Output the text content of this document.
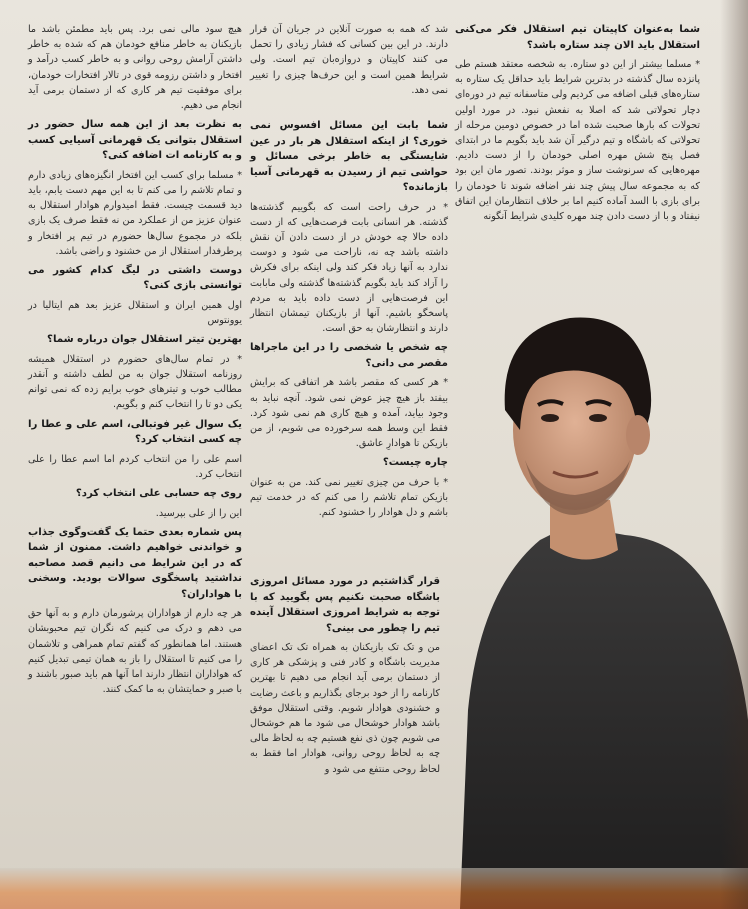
شما به‌عنوان کاپیتان تیم استقلال فکر می‌کنی استقلال باید الان چند ستاره باشد؟

* مسلما بیشتر از این دو ستاره. به شخصه معتقد هستم طی پانزده سال گذشته در بدترین شرایط باید حداقل یک ستاره به ستاره‌های قبلی اضافه می کردیم ولی متاسفانه تیم در دوره‌ای دچار تحولاتی شد که اصلا به نفعش نبود. در مورد اولین تحولات که بارها صحبت شده اما در خصوص دومین مرحله از تحولاتی که باشگاه و تیم درگیر آن شد باید بگویم ما در ابتدای فصل پنج شش مهره اصلی خودمان را از دست دادیم. مهره‌هایی که سرنوشت ساز و موثر بودند. تصور مان این بود که به مجموعه سال پیش چند نفر اضافه شوند تا خودمان را برای بازی با السد آماده کنیم اما بر خلاف انتظارمان این اتفاق نیفتاد و با از دست دادن چند مهره کلیدی شرایط آنگونه

شد که همه به صورت آنلاین در جریان آن قرار دارند. در این بین کسانی که فشار زیادی را تحمل می کنند کاپیتان و دروازه‌بان تیم است. ولی شرایط همین است و این حرف‌ها چیزی را تغییر نمی دهد.

شما بابت این مسائل افسوس نمی خوری؟ از اینکه استقلال هر بار در عین شایستگی به خاطر برخی مسائل و حواشی تیم از رسیدن به قهرمانی آسیا بازمانده؟

* در حرف راحت است که بگوییم گذشته‌ها گذشته. هر انسانی بابت فرصت‌هایی که از دست داده حالا چه خودش در از دست دادن آن نقش داشته باشد چه نه، ناراحت می شود و دوست ندارد به آنها زیاد فکر کند ولی اینکه برای فکرش را آزاد کند باید بگویم گذشته‌ها گذشته ولی مابابت این فرصت‌هایی از دست داده باید به مردم پاسخگو باشیم. آنها از بازیکنان تیمشان انتظار دارند و انتظارشان به حق است.

چه شخص یا شخصی را در این ماجراها مقصر می دانی؟

* هر کسی که مقصر باشد هر اتفاقی که برایش بیفتد باز هیچ چیز عوض نمی شود. آنچه نباید به وجود بیاید، آمده و هیچ کاری هم نمی شود کرد. فقط این وسط همه سرخورده می شویم، از من بازیکن تا هوادارِ عاشق.

چاره چیست؟

* با حرف من چیزی تغییر نمی کند. من به عنوان بازیکن تمام تلاشم را می کنم که در خدمت تیم باشم و دل هوادار را خشنود کنم.

قرار گذاشتیم در مورد مسائل امروزی باشگاه صحبت نکنیم پس بگویید که با توجه به شرایط امروزی استقلال آینده تیم را چطور می بینی؟

من و تک تک بازیکنان به همراه تک تک اعضای مدیریت باشگاه و کادر فنی و پزشکی هر کاری از دستمان برمی آید انجام می دهیم تا بهترین کارنامه را از خود برجای بگذاریم و باعث رضایت و خشنودی هوادار شویم. وقتی استقلال موفق باشد هوادار خوشحال می شود ما هم خوشحال می شویم چون ذی نفع هستیم چه به لحاظ مالی چه به لحاظ روحی روانی، هوادار اما فقط به لحاظ روحی منتفع می شود و

هیچ سود مالی نمی برد. پس باید مطمئن باشد ما بازیکنان به خاطر منافع خودمان هم که شده به خاطر داشتن آرامش روحی روانی و به خاطر کسب درآمد و افتخار و داشتن رزومه قوی در تالار افتخارات خودمان، برای موفقیت تیم هر کاری که از دستمان برمی آید انجام می دهیم.

به نظرت بعد از این همه سال حضور در استقلال بتوانی یک قهرمانی آسیایی کسب و به کارنامه ات اضافه کنی؟

* مسلما برای کسب این افتخار انگیزه‌های زیادی دارم و تمام تلاشم را می کنم تا به این مهم دست یابم، باید دید قسمت چیست. فقط امیدوارم هوادار استقلال به عنوان عزیز من از عملکرد من نه فقط صرف یک بازی بلکه در مجموع سال‌ها حضورم در تیم پر افتخار و پرطرفدار استقلال از من خشنود و راضی باشد.

دوست داشتی در لیگ کدام کشور می توانستی بازی کنی؟

اول همین ایران و استقلال عزیز بعد هم ایتالیا در یوونتوس

بهترین تیتر استقلال جوان درباره شما؟

* در تمام سال‌های حضورم در استقلال همیشه روزنامه استقلال جوان به من لطف داشته و آنقدر مطالب خوب و تیترهای خوب برایم زده که نمی توانم یکی دو تا را انتخاب کنم و بگویم.

یک سوال غیر فوتبالی، اسم علی و عطا را چه کسی انتخاب کرد؟

اسم علی را من انتخاب کردم اما اسم عطا را علی انتخاب کرد.

روی چه حسابی علی انتخاب کرد؟

این را از علی بپرسید.

پس شماره بعدی حتما یک گفت‌وگوی جذاب و خواندنی خواهیم داشت. ممنون از شما که در این شرایط می دانیم قصد مصاحبه نداشتید پاسخگوی سوالات بودید. وسخنی با هواداران؟

هر چه دارم از هواداران پرشورمان دارم و به آنها حق می دهم و درک می کنیم که نگران تیم محبوبشان هستند. اما همانطور که گفتم تمام همراهی و تلاشمان را می کنیم تا استقلال را باز به همان تیمی تبدیل کنیم که هواداران انتظار دارند اما آنها هم باید صبور باشند و با صبر و حمایتشان به ما کمک کنند.
